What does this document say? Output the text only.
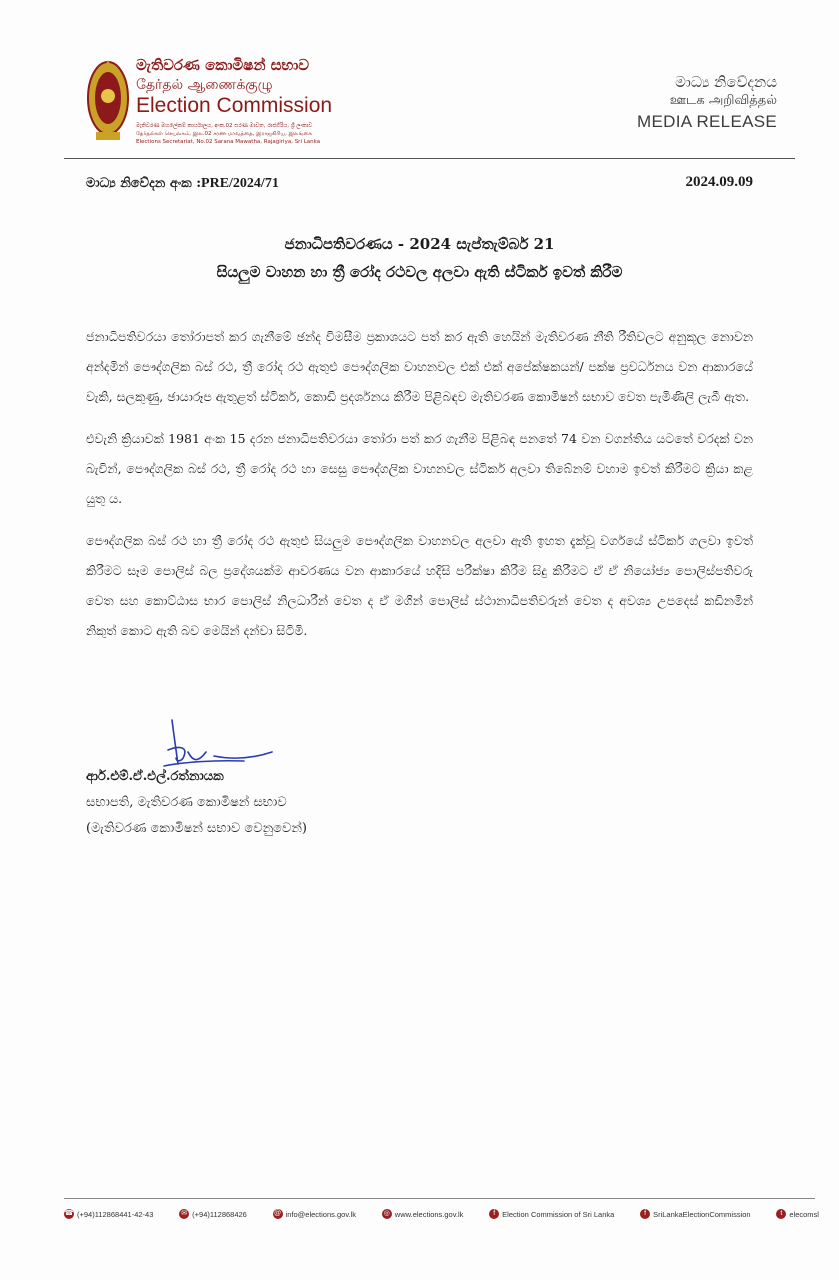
මැතිවරණ කොමිෂන් සභාව
தேர்தல் ஆணைக்குழு
Election Commission
මැතිවරණ මහලේකම් කාර්යාලය, අංක.02 සරණ මාවත, රාජගිරිය, ශ්‍රී ලංකාව
தேர்தல்கள் செயலகம், இல.02 சரண மாவத்தை, இராஜகிரிய, இலங்கை
Elections Secretariat, No.02 Sarana Mawatha, Rajagiriya, Sri Lanka
මාධ්‍ය නිවේදනය
ஊடக அறிவித்தல்
MEDIA RELEASE
මාධ්‍ය නිවේදන අංක :PRE/2024/71	2024.09.09
ජනාධිපතිවරණය - 2024 සැප්තැම්බර් 21
සියලුම වාහන හා ත්‍රී රෝද රථවල අලවා ඇති ස්ටිකර් ඉවත් කිරීම

ජනාධිපතිවරයා තෝරාපත් කර ගැනීමේ ඡන්ද විමසීම ප්‍රකාශයට පත් කර ඇති හෙයින් මැතිවරණ නීති රීතිවලට අනුකූල නොවන අන්දමින් පෞද්ගලික බස් රථ, ත්‍රී රෝද රථ ඇතුළු පෞද්ගලික වාහනවල එක් එක් අපේක්ෂකයන්/ පක්ෂ ප්‍රවර්ධනය වන ආකාරයේ වැකි, සලකුණු, ඡායාරූප ඇතුළත් ස්ටිකර්, කොඩි ප්‍රදර්ශනය කිරීම පිළිබඳව මැතිවරණ කොමිෂන් සභාව වෙත පැමිණිලි ලැබී ඇත.

එවැනි ක්‍රියාවක් 1981 අංක 15 දරන ජනාධිපතිවරයා තෝරා පත් කර ගැනීම පිළිබඳ පනතේ 74 වන වගන්තිය යටතේ වරදක් වන බැවින්, පෞද්ගලික බස් රථ, ත්‍රී රෝද රථ හා සෙසු පෞද්ගලික වාහනවල ස්ටිකර් අලවා තිබේනම් වහාම ඉවත් කිරීමට ක්‍රියා කළ යුතු ය.

පෞද්ගලික බස් රථ හා ත්‍රී රෝද රථ ඇතුළු සියලුම පෞද්ගලික වාහනවල අලවා ඇති ඉහත දැක්වූ වර්ගයේ ස්ටිකර් ගලවා ඉවත් කිරීමට සෑම පොලිස් බල ප්‍රදේශයක්ම ආවරණය වන ආකාරයේ හදිසි පරීක්ෂා කිරීම සිදු කිරීමට ඒ ඒ නියෝජ්‍ය පොලිස්පතිවරු වෙත සහ කොට්ඨාස භාර පොලිස් නිලධාරීන් වෙත ද ඒ මගින් පොලිස් ස්ථානාධිපතිවරුන් වෙත ද අවශ්‍ය උපදෙස් කඩිනමින් නිකුත් කොට ඇති බව මෙයින් දන්වා සිටිමි.

ආර්.එම්.ඒ.එල්.රත්නායක
සභාපති, මැතිවරණ කොමිෂන් සභාව
(මැතිවරණ කොමිෂන් සභාව වෙනුවෙන්)
☎ (+94)112868441-42-43	✉ (+94)112868426	@ info@elections.gov.lk	◎ www.elections.gov.lk	f Election Commission of Sri Lanka	f SriLankaElectionCommission	t elecomsl
